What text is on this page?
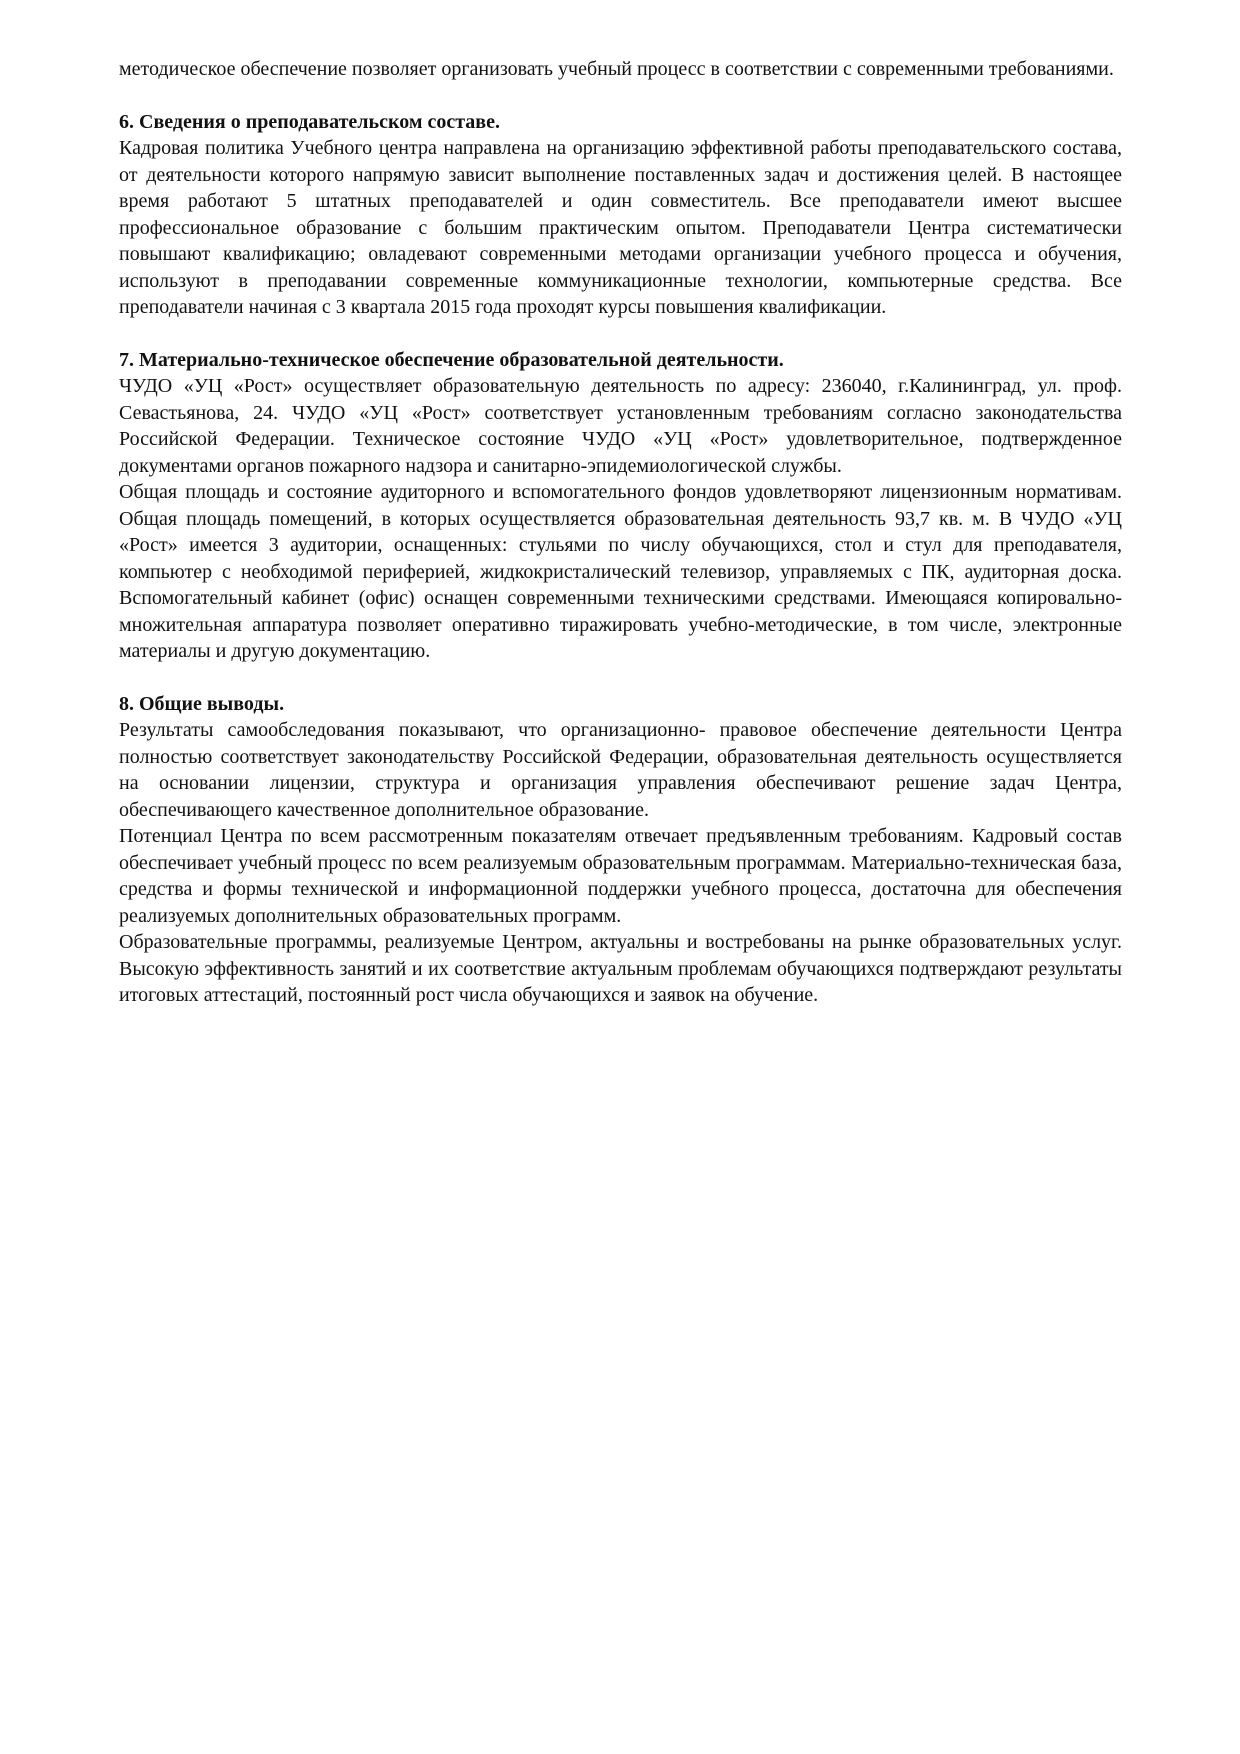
методическое обеспечение позволяет организовать учебный процесс в соответствии с современными требованиями.

6. Сведения о преподавательском составе.

Кадровая политика Учебного центра направлена на организацию эффективной работы преподавательского состава, от деятельности которого напрямую зависит выполнение поставленных задач и достижения целей. В настоящее время работают 5 штатных преподавателей и один совместитель. Все преподаватели имеют высшее профессиональное образование с большим практическим опытом. Преподаватели Центра систематически повышают квалификацию; овладевают современными методами организации учебного процесса и обучения, используют в преподавании современные коммуникационные технологии, компьютерные средства. Все преподаватели начиная с 3 квартала 2015 года проходят курсы повышения квалификации.

7. Материально-техническое обеспечение образовательной деятельности.

ЧУДО «УЦ «Рост» осуществляет образовательную деятельность по адресу: 236040, г.Калининград, ул. проф. Севастьянова, 24. ЧУДО «УЦ «Рост» соответствует установленным требованиям согласно законодательства Российской Федерации. Техническое состояние ЧУДО «УЦ «Рост» удовлетворительное, подтвержденное документами органов пожарного надзора и санитарно-эпидемиологической службы.

Общая площадь и состояние аудиторного и вспомогательного фондов удовлетворяют лицензионным нормативам. Общая площадь помещений, в которых осуществляется образовательная деятельность 93,7 кв. м. В ЧУДО «УЦ «Рост» имеется 3 аудитории, оснащенных: стульями по числу обучающихся, стол и стул для преподавателя, компьютер с необходимой периферией, жидкокристалический телевизор, управляемых с ПК, аудиторная доска. Вспомогательный кабинет (офис) оснащен современными техническими средствами. Имеющаяся копировально-множительная аппаратура позволяет оперативно тиражировать учебно-методические, в том числе, электронные материалы и другую документацию.

8. Общие выводы.

Результаты самообследования показывают, что организационно- правовое обеспечение деятельности Центра полностью соответствует законодательству Российской Федерации, образовательная деятельность осуществляется на основании лицензии, структура и организация управления обеспечивают решение задач Центра, обеспечивающего качественное дополнительное образование.

Потенциал Центра по всем рассмотренным показателям отвечает предъявленным требованиям. Кадровый состав обеспечивает учебный процесс по всем реализуемым образовательным программам. Материально-техническая база, средства и формы технической и информационной поддержки учебного процесса, достаточна для обеспечения реализуемых дополнительных образовательных программ.

Образовательные программы, реализуемые Центром, актуальны и востребованы на рынке образовательных услуг. Высокую эффективность занятий и их соответствие актуальным проблемам обучающихся подтверждают результаты итоговых аттестаций, постоянный рост числа обучающихся и заявок на обучение.
